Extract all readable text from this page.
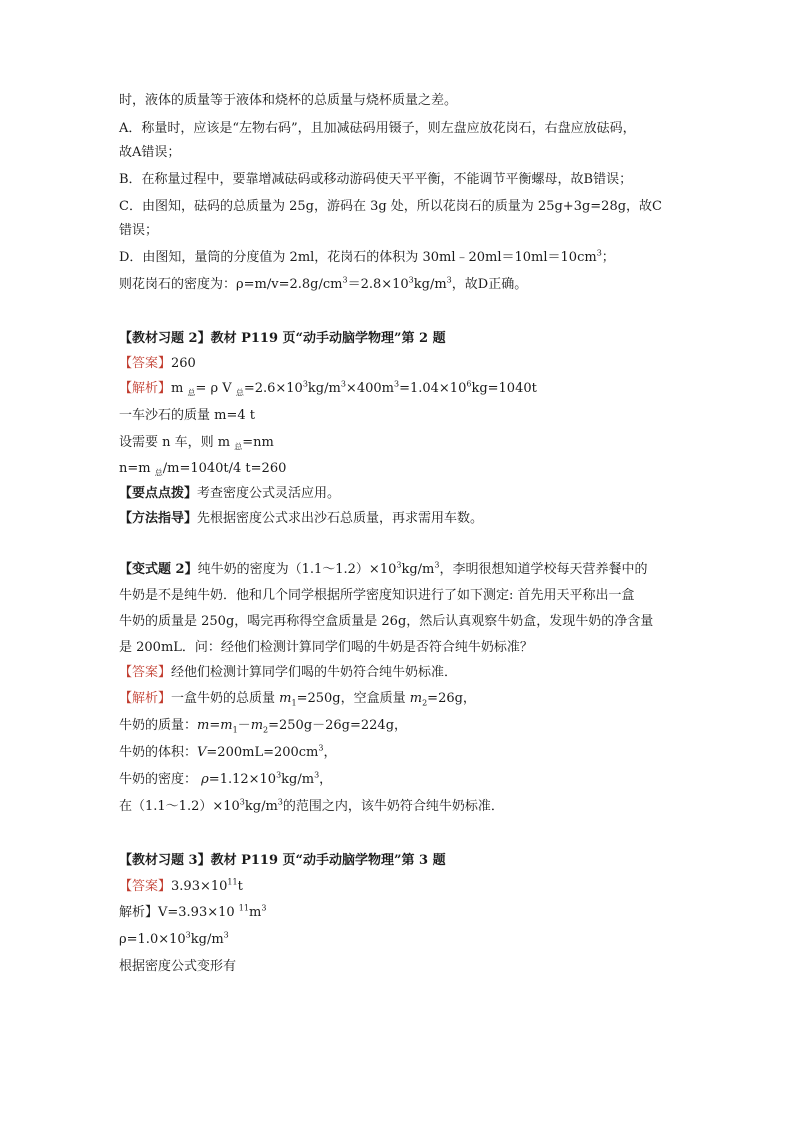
时，液体的质量等于液体和烧杯的总质量与烧杯质量之差。
A．称量时，应该是“左物右码”，且加减砝码用镊子，则左盘应放花岗石，右盘应放砝码，
故A错误；
B．在称量过程中，要靠增减砝码或移动游码使天平平衡，不能调节平衡螺母，故B错误；
C．由图知，砝码的总质量为 25g，游码在 3g 处，所以花岗石的质量为 25g+3g=28g，故C
错误；
D．由图知，量筒的分度值为 2ml，花岗石的体积为 $30ml﹣20ml=10ml=10cm^3$；
则花岗石的密度为：$\rho=m/v=2.8g/cm^3=2.8\times 10^3kg/m^3$，故D正确。
【教材习题 2】教材 P119 页“动手动脑学物理”第 2 题
【答案】260
【解析】m $_总$= ρ V $_总=2.6\times 10^3kg/m^3\times 400m^3=1.04\times 10^6kg=1040t$
一车沙石的质量 m=4 t
设需要 n 车，则 m $_总$=nm
n=m $_总$/m=1040t/4 t=260
【要点点拨】考查密度公式灵活应用。
【方法指导】先根据密度公式求出沙石总质量，再求需用车数。
【变式题 2】纯牛奶的密度为$(1.1\sim 1.2)\times 10^3kg/m^3$，李明很想知道学校每天营养餐中的
牛奶是不是纯牛奶．他和几个同学根据所学密度知识进行了如下测定: 首先用天平称出一盒
牛奶的质量是 250g，喝完再称得空盒质量是 26g，然后认真观察牛奶盒，发现牛奶的净含量
是 200mL．问：经他们检测计算同学们喝的牛奶是否符合纯牛奶标准？
【答案】经他们检测计算同学们喝的牛奶符合纯牛奶标准．
【解析】一盒牛奶的总质量 $m_1=250g$，空盒质量 $m_2=26g$，
牛奶的质量：$m=m_1-m_2=250g-26g=224g$，
牛奶的体积：$V=200mL=200cm^3$，
牛奶的密度： $\rho=1.12\times 10^3kg/m^3$，
在$(1.1\sim 1.2)\times 10^3kg/m^3$的范围之内，该牛奶符合纯牛奶标准．
【教材习题 3】教材 P119 页“动手动脑学物理”第 3 题
【答案】$3.93\times 10^{11}t$
解析】V=3.93×10 $^{11}m^3$
$\rho=1.0\times 10^3kg/m^3$
根据密度公式变形有
